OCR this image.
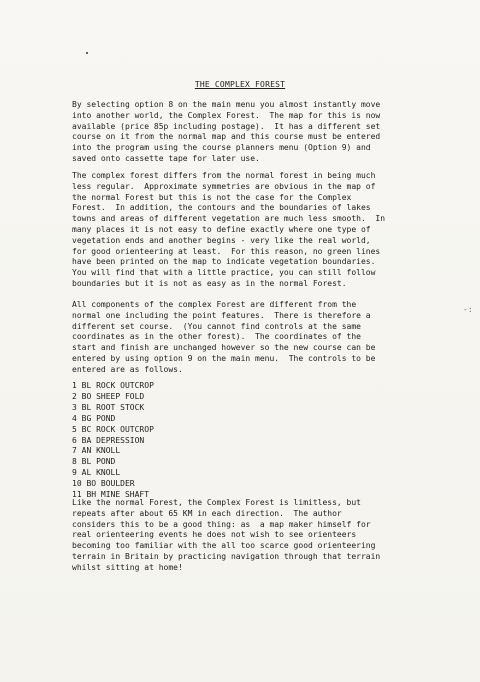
-:
THE COMPLEX FOREST
By selecting option 8 on the main menu you almost instantly move
into another world, the Complex Forest.  The map for this is now
available (price 85p including postage).  It has a different set
course on it from the normal map and this course must be entered
into the program using the course planners menu (Option 9) and
saved onto cassette tape for later use.
The complex forest differs from the normal forest in being much
less regular.  Approximate symmetries are obvious in the map of
the normal Forest but this is not the case for the Complex
Forest.  In addition, the contours and the boundaries of lakes
towns and areas of different vegetation are much less smooth.  In
many places it is not easy to define exactly where one type of
vegetation ends and another begins - very like the real world,
for good orienteering at least.  For this reason, no green lines
have been printed on the map to indicate vegetation boundaries.
You will find that with a little practice, you can still follow
boundaries but it is not as easy as in the normal Forest.
All components of the complex Forest are different from the
normal one including the point features.  There is therefore a
different set course.  (You cannot find controls at the same
coordinates as in the other forest).  The coordinates of the
start and finish are unchanged however so the new course can be
entered by using option 9 on the main menu.  The controls to be
entered are as follows.
1 BL ROCK OUTCROP
2 BO SHEEP FOLD
3 BL ROOT STOCK
4 BG POND
5 BC ROCK OUTCROP
6 BA DEPRESSION
7 AN KNOLL
8 BL POND
9 AL KNOLL
10 BO BOULDER
11 BH MINE SHAFT
Like the normal Forest, the Complex Forest is limitless, but
repeats after about 65 KM in each direction.  The author
considers this to be a good thing: as  a map maker himself for
real orienteering events he does not wish to see orienteers
becoming too familiar with the all too scarce good orienteering
terrain in Britain by practicing navigation through that terrain
whilst sitting at home!
